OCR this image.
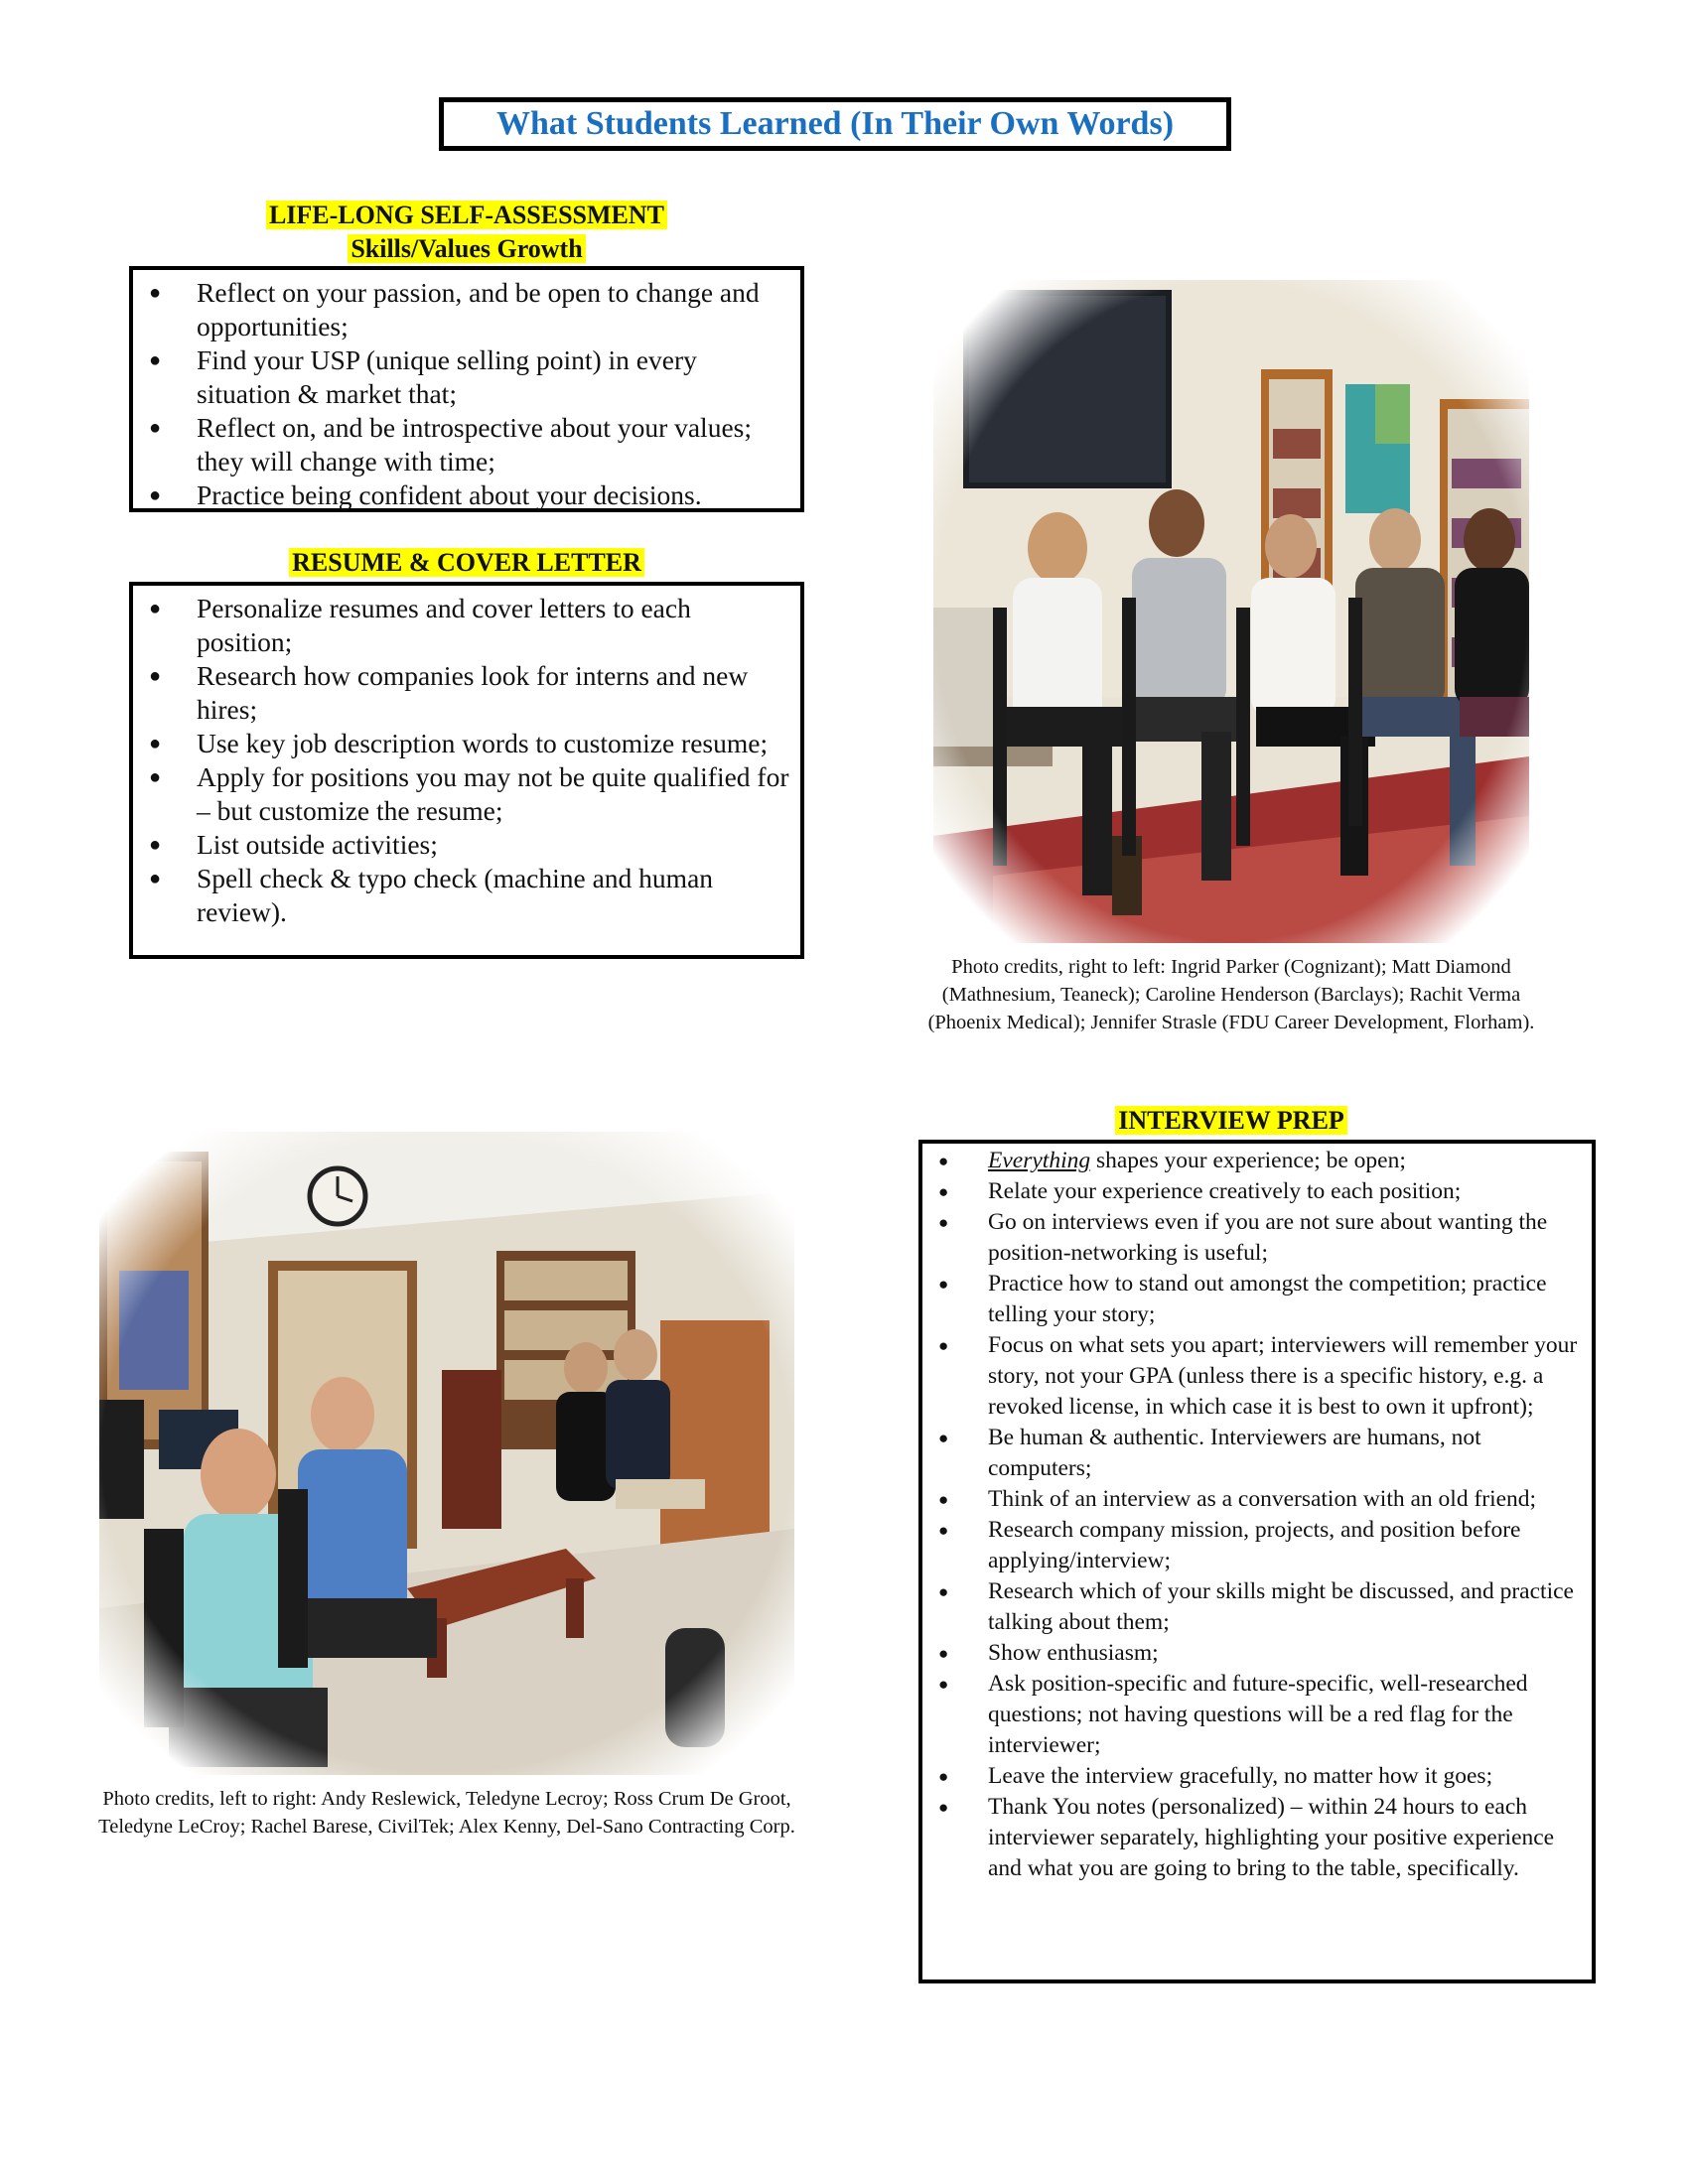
What Students Learned (In Their Own Words)
LIFE-LONG SELF-ASSESSMENT
Skills/Values Growth
● Reflect on your passion, and be open to change and opportunities;
● Find your USP (unique selling point) in every situation & market that;
● Reflect on, and be introspective about your values; they will change with time;
● Practice being confident about your decisions.
RESUME & COVER LETTER
● Personalize resumes and cover letters to each position;
● Research how companies look for interns and new hires;
● Use key job description words to customize resume;
● Apply for positions you may not be quite qualified for – but customize the resume;
● List outside activities;
● Spell check & typo check (machine and human review).
Photo credits, right to left: Ingrid Parker (Cognizant); Matt Diamond (Mathnesium, Teaneck); Caroline Henderson (Barclays); Rachit Verma (Phoenix Medical); Jennifer Strasle (FDU Career Development, Florham).
Photo credits, left to right: Andy Reslewick, Teledyne Lecroy; Ross Crum De Groot, Teledyne LeCroy; Rachel Barese, CivilTek; Alex Kenny, Del-Sano Contracting Corp.
INTERVIEW PREP
● Everything shapes your experience; be open;
● Relate your experience creatively to each position;
● Go on interviews even if you are not sure about wanting the position-networking is useful;
● Practice how to stand out amongst the competition; practice telling your story;
● Focus on what sets you apart; interviewers will remember your story, not your GPA (unless there is a specific history, e.g. a revoked license, in which case it is best to own it upfront);
● Be human & authentic. Interviewers are humans, not computers;
● Think of an interview as a conversation with an old friend;
● Research company mission, projects, and position before applying/interview;
● Research which of your skills might be discussed, and practice talking about them;
● Show enthusiasm;
● Ask position-specific and future-specific, well-researched questions; not having questions will be a red flag for the interviewer;
● Leave the interview gracefully, no matter how it goes;
● Thank You notes (personalized) – within 24 hours to each interviewer separately, highlighting your positive experience and what you are going to bring to the table, specifically.
